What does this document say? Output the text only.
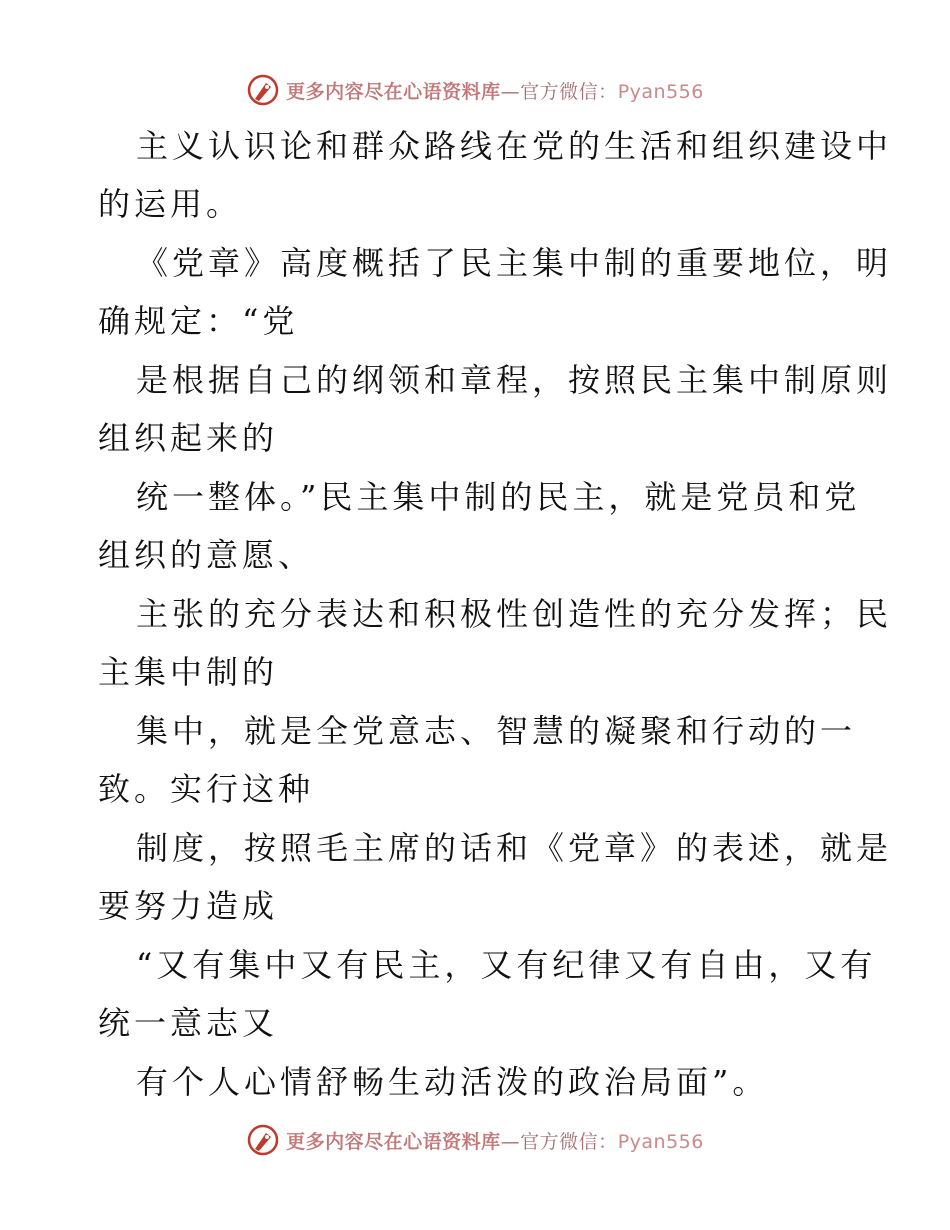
更多内容尽在心语资料库—官方微信：Pyan556
主义认识论和群众路线在党的生活和组织建设中
的运用。
《党章》高度概括了民主集中制的重要地位，明
确规定：“党
是根据自己的纲领和章程，按照民主集中制原则
组织起来的
统一整体。”民主集中制的民主，就是党员和党
组织的意愿、
主张的充分表达和积极性创造性的充分发挥；民
主集中制的
集中，就是全党意志、智慧的凝聚和行动的一
致。实行这种
制度，按照毛主席的话和《党章》的表述，就是
要努力造成
“又有集中又有民主，又有纪律又有自由，又有
统一意志又
有个人心情舒畅生动活泼的政治局面”。
更多内容尽在心语资料库—官方微信：Pyan556
